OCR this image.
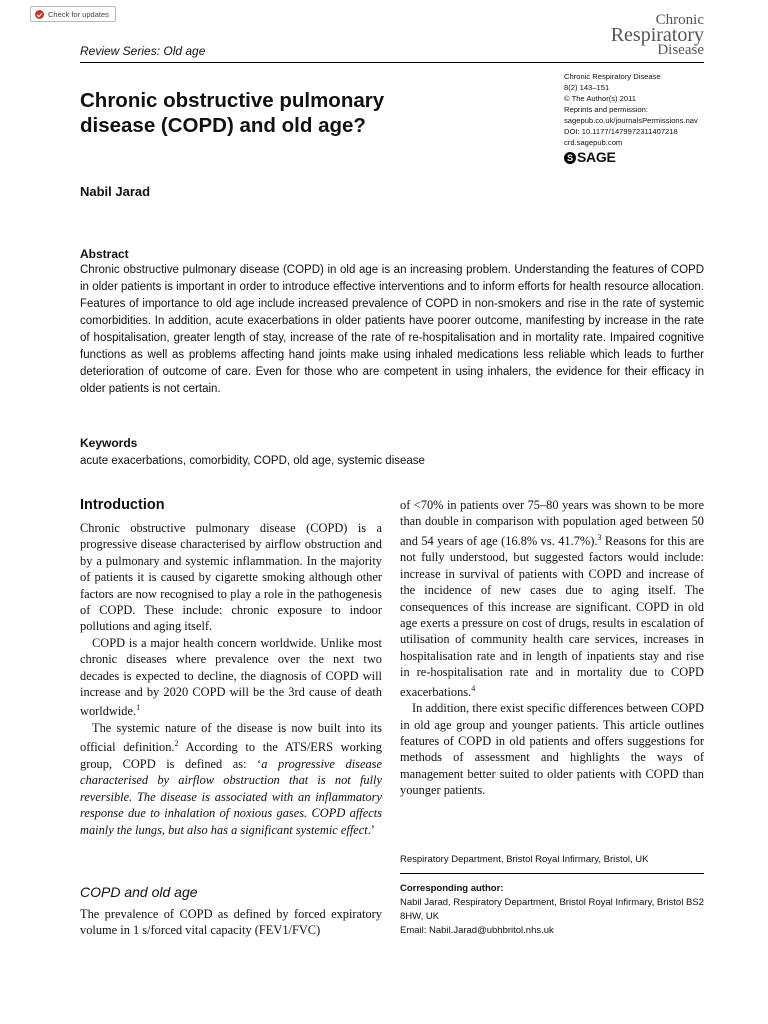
Check for updates
Review Series: Old age
Chronic
Respiratory
Disease
Chronic obstructive pulmonary disease (COPD) and old age?
Chronic Respiratory Disease
8(2) 143–151
© The Author(s) 2011
Reprints and permission:
sagepub.co.uk/journalsPermissions.nav
DOI: 10.1177/1479972311407218
crd.sagepub.com
S SAGE
Nabil Jarad
Abstract
Chronic obstructive pulmonary disease (COPD) in old age is an increasing problem. Understanding the features of COPD in older patients is important in order to introduce effective interventions and to inform efforts for health resource allocation. Features of importance to old age include increased prevalence of COPD in non-smokers and rise in the rate of systemic comorbidities. In addition, acute exacerbations in older patients have poorer outcome, manifesting by increase in the rate of hospitalisation, greater length of stay, increase of the rate of re-hospitalisation and in mortality rate. Impaired cognitive functions as well as problems affecting hand joints make using inhaled medications less reliable which leads to further deterioration of outcome of care. Even for those who are competent in using inhalers, the evidence for their efficacy in older patients is not certain.
Keywords
acute exacerbations, comorbidity, COPD, old age, systemic disease
Introduction

Chronic obstructive pulmonary disease (COPD) is a progressive disease characterised by airflow obstruction and by a pulmonary and systemic inflammation. In the majority of patients it is caused by cigarette smoking although other factors are now recognised to play a role in the pathogenesis of COPD. These include: chronic exposure to indoor pollutions and aging itself.

COPD is a major health concern worldwide. Unlike most chronic diseases where prevalence over the next two decades is expected to decline, the diagnosis of COPD will increase and by 2020 COPD will be the 3rd cause of death worldwide.$^1$

The systemic nature of the disease is now built into its official definition.$^2$ According to the ATS/ERS working group, COPD is defined as: ‘a progressive disease characterised by airflow obstruction that is not fully reversible. The disease is associated with an inflammatory response due to inhalation of noxious gases. COPD affects mainly the lungs, but also has a significant systemic effect.’

COPD and old age
The prevalence of COPD as defined by forced expiratory volume in 1 s/forced vital capacity (FEV1/FVC)

of <70% in patients over 75–80 years was shown to be more than double in comparison with population aged between 50 and 54 years of age (16.8% vs. 41.7%).$^3$ Reasons for this are not fully understood, but suggested factors would include: increase in survival of patients with COPD and increase of the incidence of new cases due to aging itself. The consequences of this increase are significant. COPD in old age exerts a pressure on cost of drugs, results in escalation of utilisation of community health care services, increases in hospitalisation rate and in length of inpatients stay and rise in re-hospitalisation rate and in mortality due to COPD exacerbations.$^4$

In addition, there exist specific differences between COPD in old age group and younger patients. This article outlines features of COPD in old patients and offers suggestions for methods of assessment and highlights the ways of management better suited to older patients with COPD than younger patients.

Respiratory Department, Bristol Royal Infirmary, Bristol, UK
Corresponding author:
Nabil Jarad, Respiratory Department, Bristol Royal Infirmary, Bristol BS2 8HW, UK
Email: Nabil.Jarad@ubhbritol.nhs.uk
